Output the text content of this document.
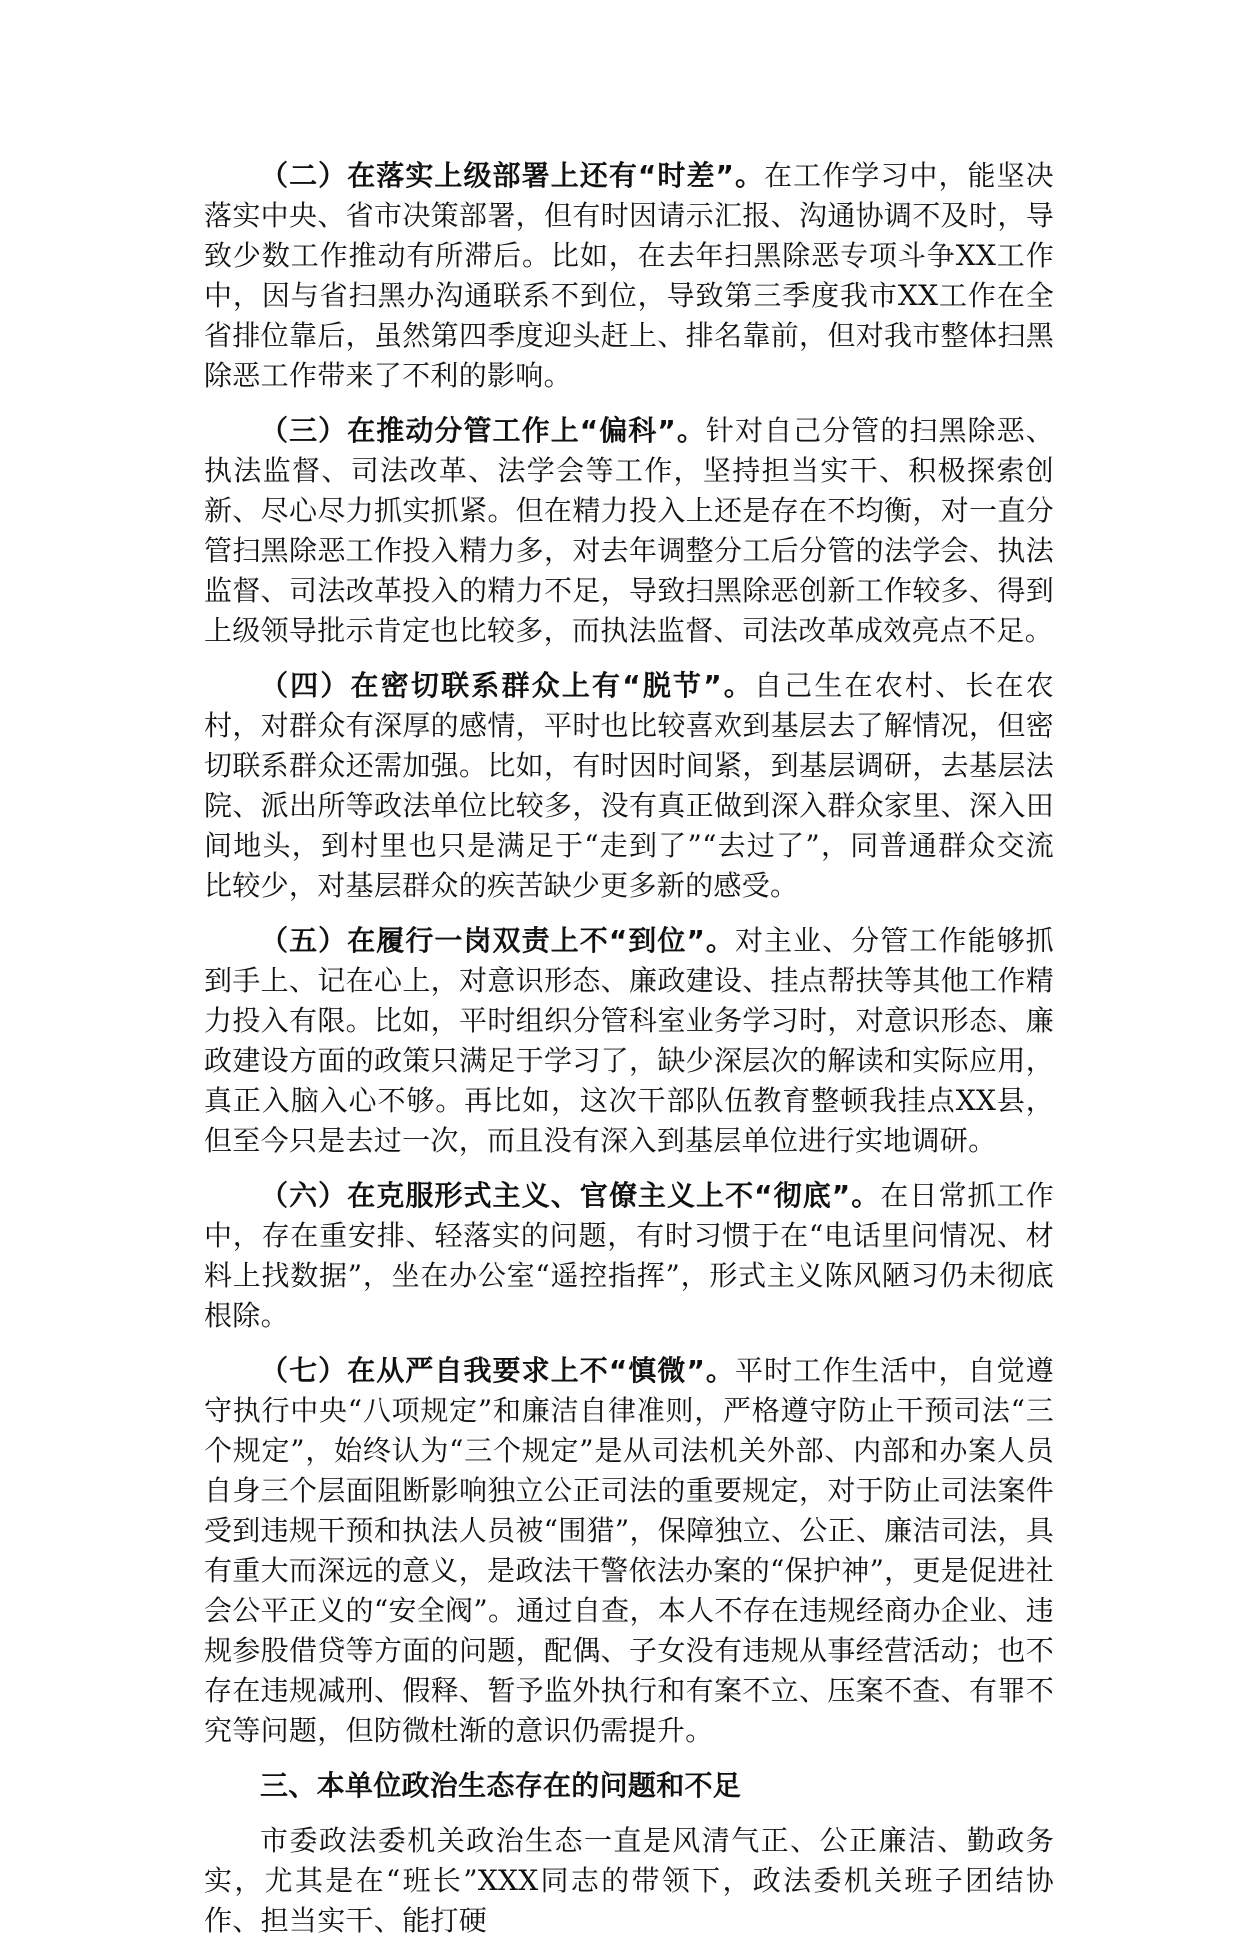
（二）在落实上级部署上还有“时差”。在工作学习中，能坚决落实中央、省市决策部署，但有时因请示汇报、沟通协调不及时，导致少数工作推动有所滞后。比如，在去年扫黑除恶专项斗争XX工作中，因与省扫黑办沟通联系不到位，导致第三季度我市XX工作在全省排位靠后，虽然第四季度迎头赶上、排名靠前，但对我市整体扫黑除恶工作带来了不利的影响。

（三）在推动分管工作上“偏科”。针对自己分管的扫黑除恶、执法监督、司法改革、法学会等工作，坚持担当实干、积极探索创新、尽心尽力抓实抓紧。但在精力投入上还是存在不均衡，对一直分管扫黑除恶工作投入精力多，对去年调整分工后分管的法学会、执法监督、司法改革投入的精力不足，导致扫黑除恶创新工作较多、得到上级领导批示肯定也比较多，而执法监督、司法改革成效亮点不足。

（四）在密切联系群众上有“脱节”。自己生在农村、长在农村，对群众有深厚的感情，平时也比较喜欢到基层去了解情况，但密切联系群众还需加强。比如，有时因时间紧，到基层调研，去基层法院、派出所等政法单位比较多，没有真正做到深入群众家里、深入田间地头，到村里也只是满足于“走到了”“去过了”，同普通群众交流比较少，对基层群众的疾苦缺少更多新的感受。

（五）在履行一岗双责上不“到位”。对主业、分管工作能够抓到手上、记在心上，对意识形态、廉政建设、挂点帮扶等其他工作精力投入有限。比如，平时组织分管科室业务学习时，对意识形态、廉政建设方面的政策只满足于学习了，缺少深层次的解读和实际应用，真正入脑入心不够。再比如，这次干部队伍教育整顿我挂点XX县，但至今只是去过一次，而且没有深入到基层单位进行实地调研。

（六）在克服形式主义、官僚主义上不“彻底”。在日常抓工作中，存在重安排、轻落实的问题，有时习惯于在“电话里问情况、材料上找数据”，坐在办公室“遥控指挥”，形式主义陈风陋习仍未彻底根除。

（七）在从严自我要求上不“慎微”。平时工作生活中，自觉遵守执行中央“八项规定”和廉洁自律准则，严格遵守防止干预司法“三个规定”，始终认为“三个规定”是从司法机关外部、内部和办案人员自身三个层面阻断影响独立公正司法的重要规定，对于防止司法案件受到违规干预和执法人员被“围猎”，保障独立、公正、廉洁司法，具有重大而深远的意义，是政法干警依法办案的“保护神”，更是促进社会公平正义的“安全阀”。通过自查，本人不存在违规经商办企业、违规参股借贷等方面的问题，配偶、子女没有违规从事经营活动；也不存在违规减刑、假释、暂予监外执行和有案不立、压案不查、有罪不究等问题，但防微杜渐的意识仍需提升。

三、本单位政治生态存在的问题和不足

市委政法委机关政治生态一直是风清气正、公正廉洁、勤政务实，尤其是在“班长”XXX同志的带领下，政法委机关班子团结协作、担当实干、能打硬
